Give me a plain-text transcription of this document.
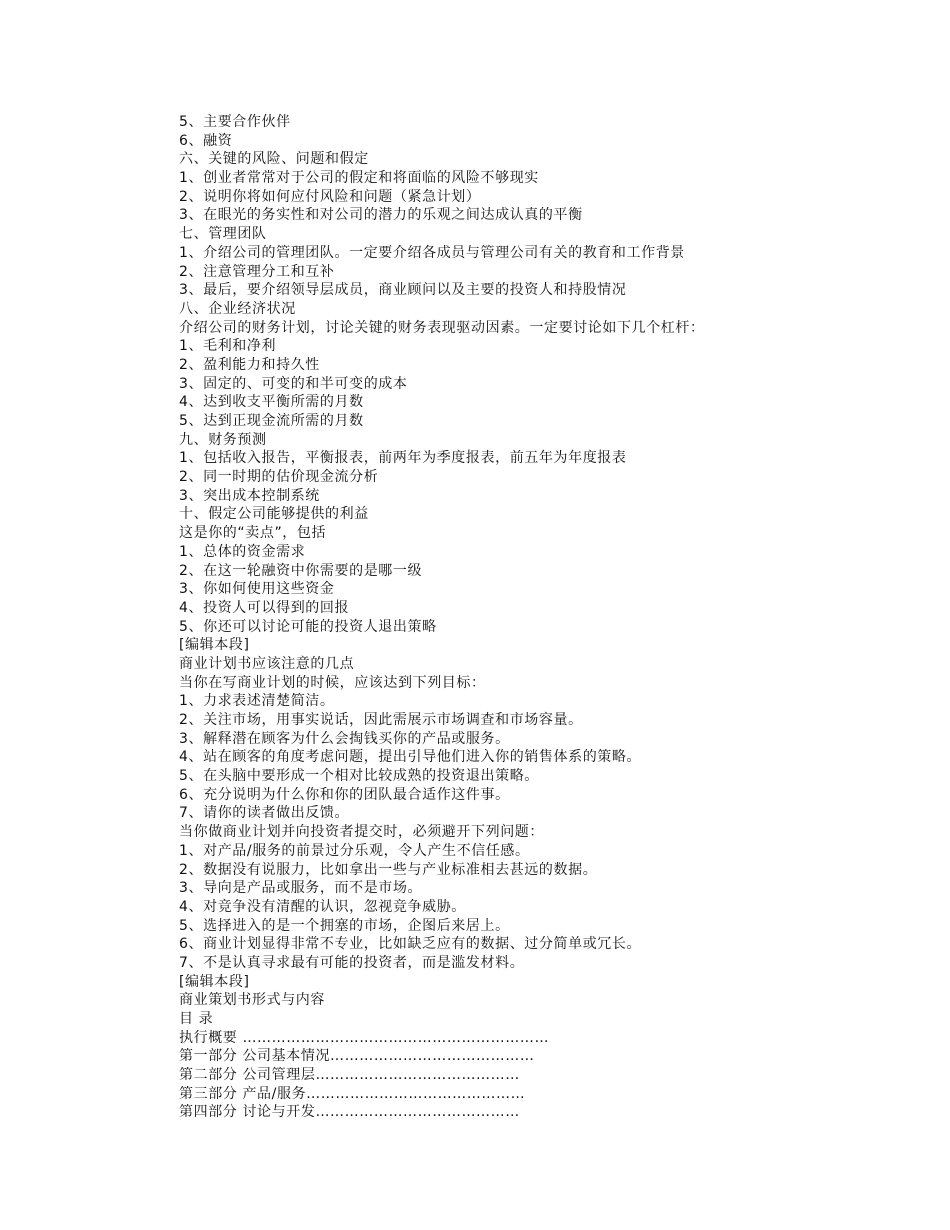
5、主要合作伙伴
6、融资
六、关键的风险、问题和假定
1、创业者常常对于公司的假定和将面临的风险不够现实
2、说明你将如何应付风险和问题（紧急计划）
3、在眼光的务实性和对公司的潜力的乐观之间达成认真的平衡
七、管理团队
1、介绍公司的管理团队。一定要介绍各成员与管理公司有关的教育和工作背景
2、注意管理分工和互补
3、最后，要介绍领导层成员，商业顾问以及主要的投资人和持股情况
八、企业经济状况
介绍公司的财务计划，讨论关键的财务表现驱动因素。一定要讨论如下几个杠杆：
1、毛利和净利
2、盈利能力和持久性
3、固定的、可变的和半可变的成本
4、达到收支平衡所需的月数
5、达到正现金流所需的月数
九、财务预测
1、包括收入报告，平衡报表，前两年为季度报表，前五年为年度报表
2、同一时期的估价现金流分析
3、突出成本控制系统
十、假定公司能够提供的利益
这是你的“卖点”，包括
1、总体的资金需求
2、在这一轮融资中你需要的是哪一级
3、你如何使用这些资金
4、投资人可以得到的回报
5、你还可以讨论可能的投资人退出策略
[编辑本段]
商业计划书应该注意的几点
当你在写商业计划的时候，应该达到下列目标：
1、力求表述清楚简洁。
2、关注市场，用事实说话，因此需展示市场调查和市场容量。
3、解释潜在顾客为什么会掏钱买你的产品或服务。
4、站在顾客的角度考虑问题，提出引导他们进入你的销售体系的策略。
5、在头脑中要形成一个相对比较成熟的投资退出策略。
6、充分说明为什么你和你的团队最合适作这件事。
7、请你的读者做出反馈。
当你做商业计划并向投资者提交时，必须避开下列问题：
1、对产品/服务的前景过分乐观，令人产生不信任感。
2、数据没有说服力，比如拿出一些与产业标准相去甚远的数据。
3、导向是产品或服务，而不是市场。
4、对竞争没有清醒的认识，忽视竞争威胁。
5、选择进入的是一个拥塞的市场，企图后来居上。
6、商业计划显得非常不专业，比如缺乏应有的数据、过分简单或冗长。
7、不是认真寻求最有可能的投资者，而是滥发材料。
[编辑本段]
商业策划书形式与内容
目 录
执行概要 ………………………………………………………
第一部分 公司基本情况……………………………………
第二部分 公司管理层……………………………………
第三部分 产品/服务………………………………………
第四部分 讨论与开发……………………………………
